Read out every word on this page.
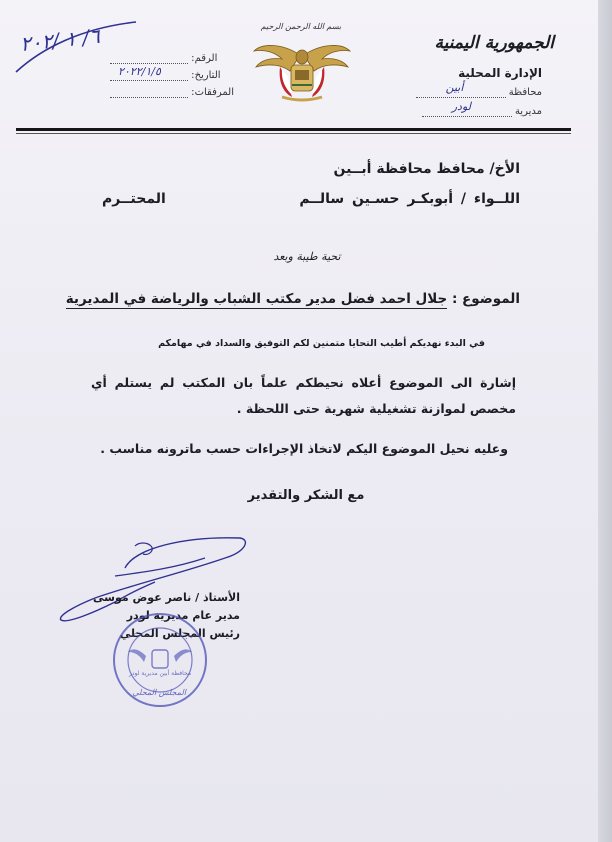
الجمهورية اليمنية
الإدارة المحلية
محافظة
أبين
مديرية
لودر
بسم الله الرحمن الرحيم
الرقم:
التاريخ:
٢٠٢٢/١/٥
المرفقات:
٦/ ١ /٢٠٢
الأخ/ محافظ محافظة أبــين
اللــواء / أبوبكـر حسـين سالــم
المحتــرم
تحية طيبة وبعد
الموضوع : جلال احمد فضل مدير مكتب الشباب والرياضة في المديرية
في البدء نهديكم أطيب التحايا متمنين لكم التوفيق والسداد في مهامكم
إشارة الى الموضوع أعلاه نحيطكم علماً بان المكتب لم يستلم أي مخصص لموازنة تشغيلية شهرية حتى اللحظة .
وعليه نحيل الموضوع اليكم لاتخاذ الإجراءات حسب ماترونه مناسب .
مع الشكر والتقدير
الأستاذ / ناصر عوض موسى
مدير عام مديرية لودر
رئيس المجلس المحلي
محافظة أبين مديرية لودر
المجلس المحلي
